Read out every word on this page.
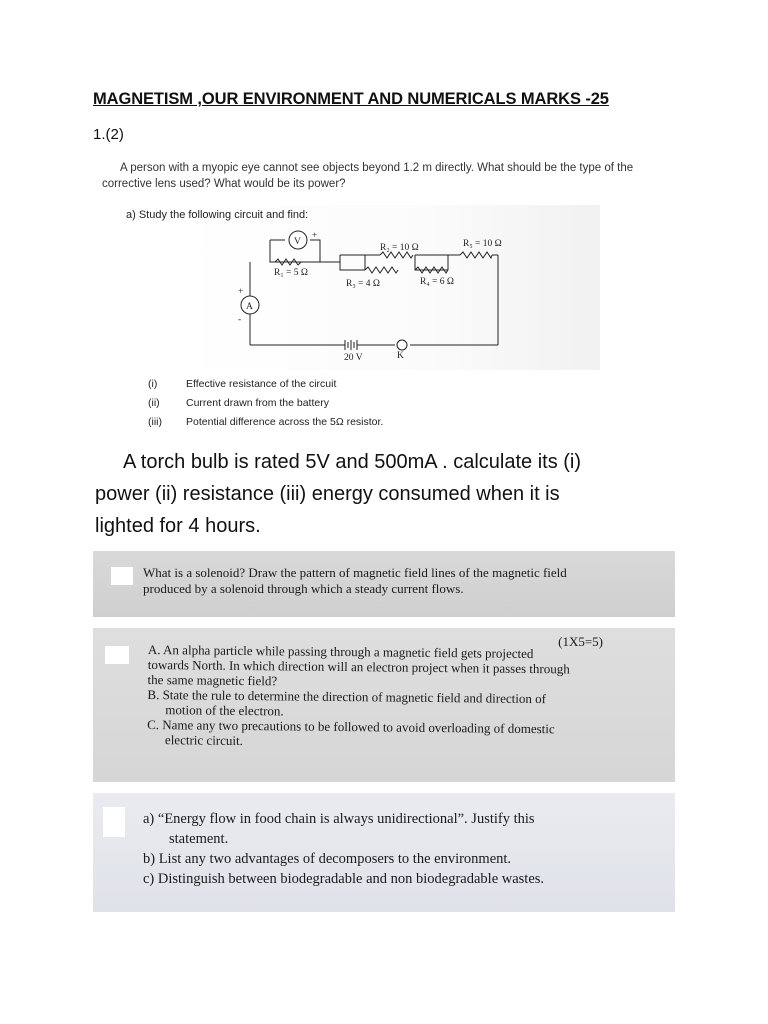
MAGNETISM ,OUR ENVIRONMENT AND NUMERICALS MARKS -25
1.(2)
A person with a myopic eye cannot see objects beyond 1.2 m directly. What should be the type of the
corrective lens used? What would be its power?
a) Study the following circuit and find:
V
A
+
+
-
R₁ = 5 Ω
R₂ = 10 Ω	R₅ = 10 Ω
R₃ = 4 Ω	R₄ = 6 Ω
20 V	K
(i)	Effective resistance of the circuit
(ii)	Current drawn from the battery
(iii) Potential difference across the 5Ω resistor.
A torch bulb is rated 5V and 500mA . calculate its (i)
power (ii) resistance (iii) energy consumed when it is
lighted for 4 hours.
What is a solenoid? Draw the pattern of magnetic field lines of the magnetic field
produced by a solenoid through which a steady current flows.
(1X5=5)
A. An alpha particle while passing through a magnetic field gets projected
towards North. In which direction will an electron project when it passes through
the same magnetic field?
B. State the rule to determine the direction of magnetic field and direction of
motion of the electron.
C. Name any two precautions to be followed to avoid overloading of domestic
electric circuit.
a) “Energy flow in food chain is always unidirectional”. Justify this
statement.
b) List any two advantages of decomposers to the environment.
c) Distinguish between biodegradable and non biodegradable wastes.
